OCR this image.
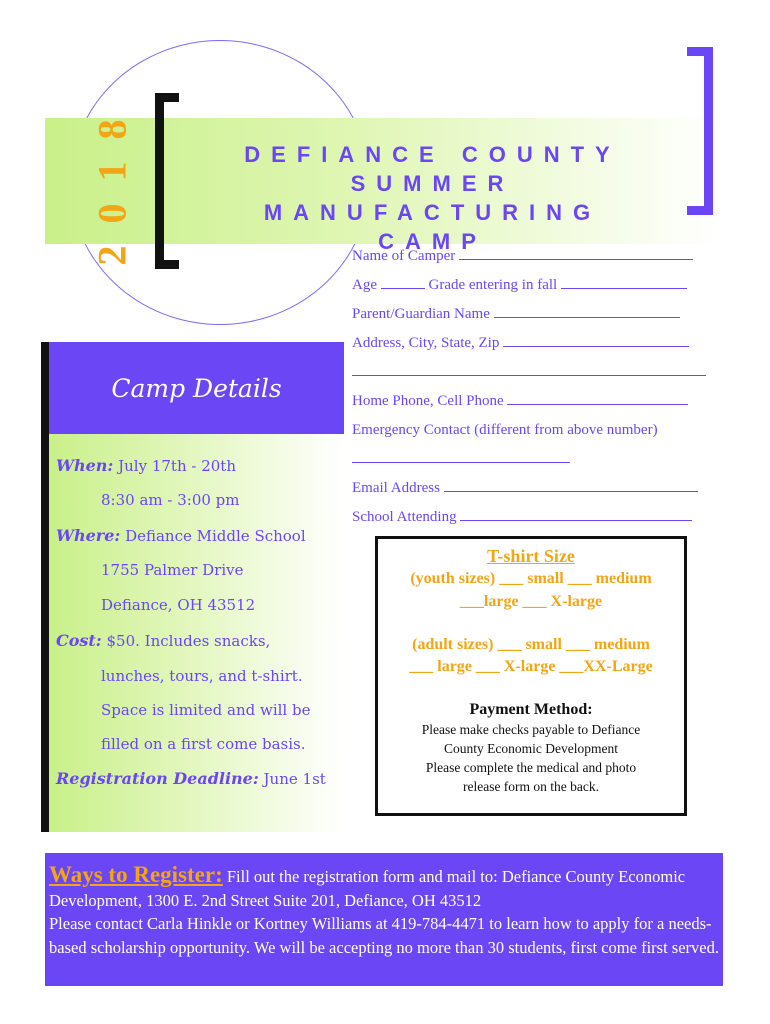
2018	DEFIANCE COUNTY
SUMMER MANUFACTURING
CAMP
Name of Camper
Age	Grade entering in fall
Parent/Guardian Name
Address, City, State, Zip
Home Phone, Cell Phone
Emergency Contact (different from above number)
Email Address
School Attending
Camp Details
When: July 17th - 20th
8:30 am - 3:00 pm
Where: Defiance Middle School
1755 Palmer Drive
Defiance, OH 43512
Cost: $50. Includes snacks,
lunches, tours, and t-shirt.
Space is limited and will be
filled on a first come basis.
Registration Deadline: June 1st
T-shirt Size
(youth sizes) ___ small ___ medium
___large ___ X-large
(adult sizes) ___ small ___ medium
___ large ___ X-large ___XX-Large
Payment Method:
Please make checks payable to Defiance
County Economic Development
Please complete the medical and photo
release form on the back.
Ways to Register: Fill out the registration form and mail to: Defiance County Economic Development, 1300 E. 2nd Street Suite 201, Defiance, OH 43512
Please contact Carla Hinkle or Kortney Williams at 419-784-4471 to learn how to apply for a needs-based scholarship opportunity. We will be accepting no more than 30 students, first come first served.
